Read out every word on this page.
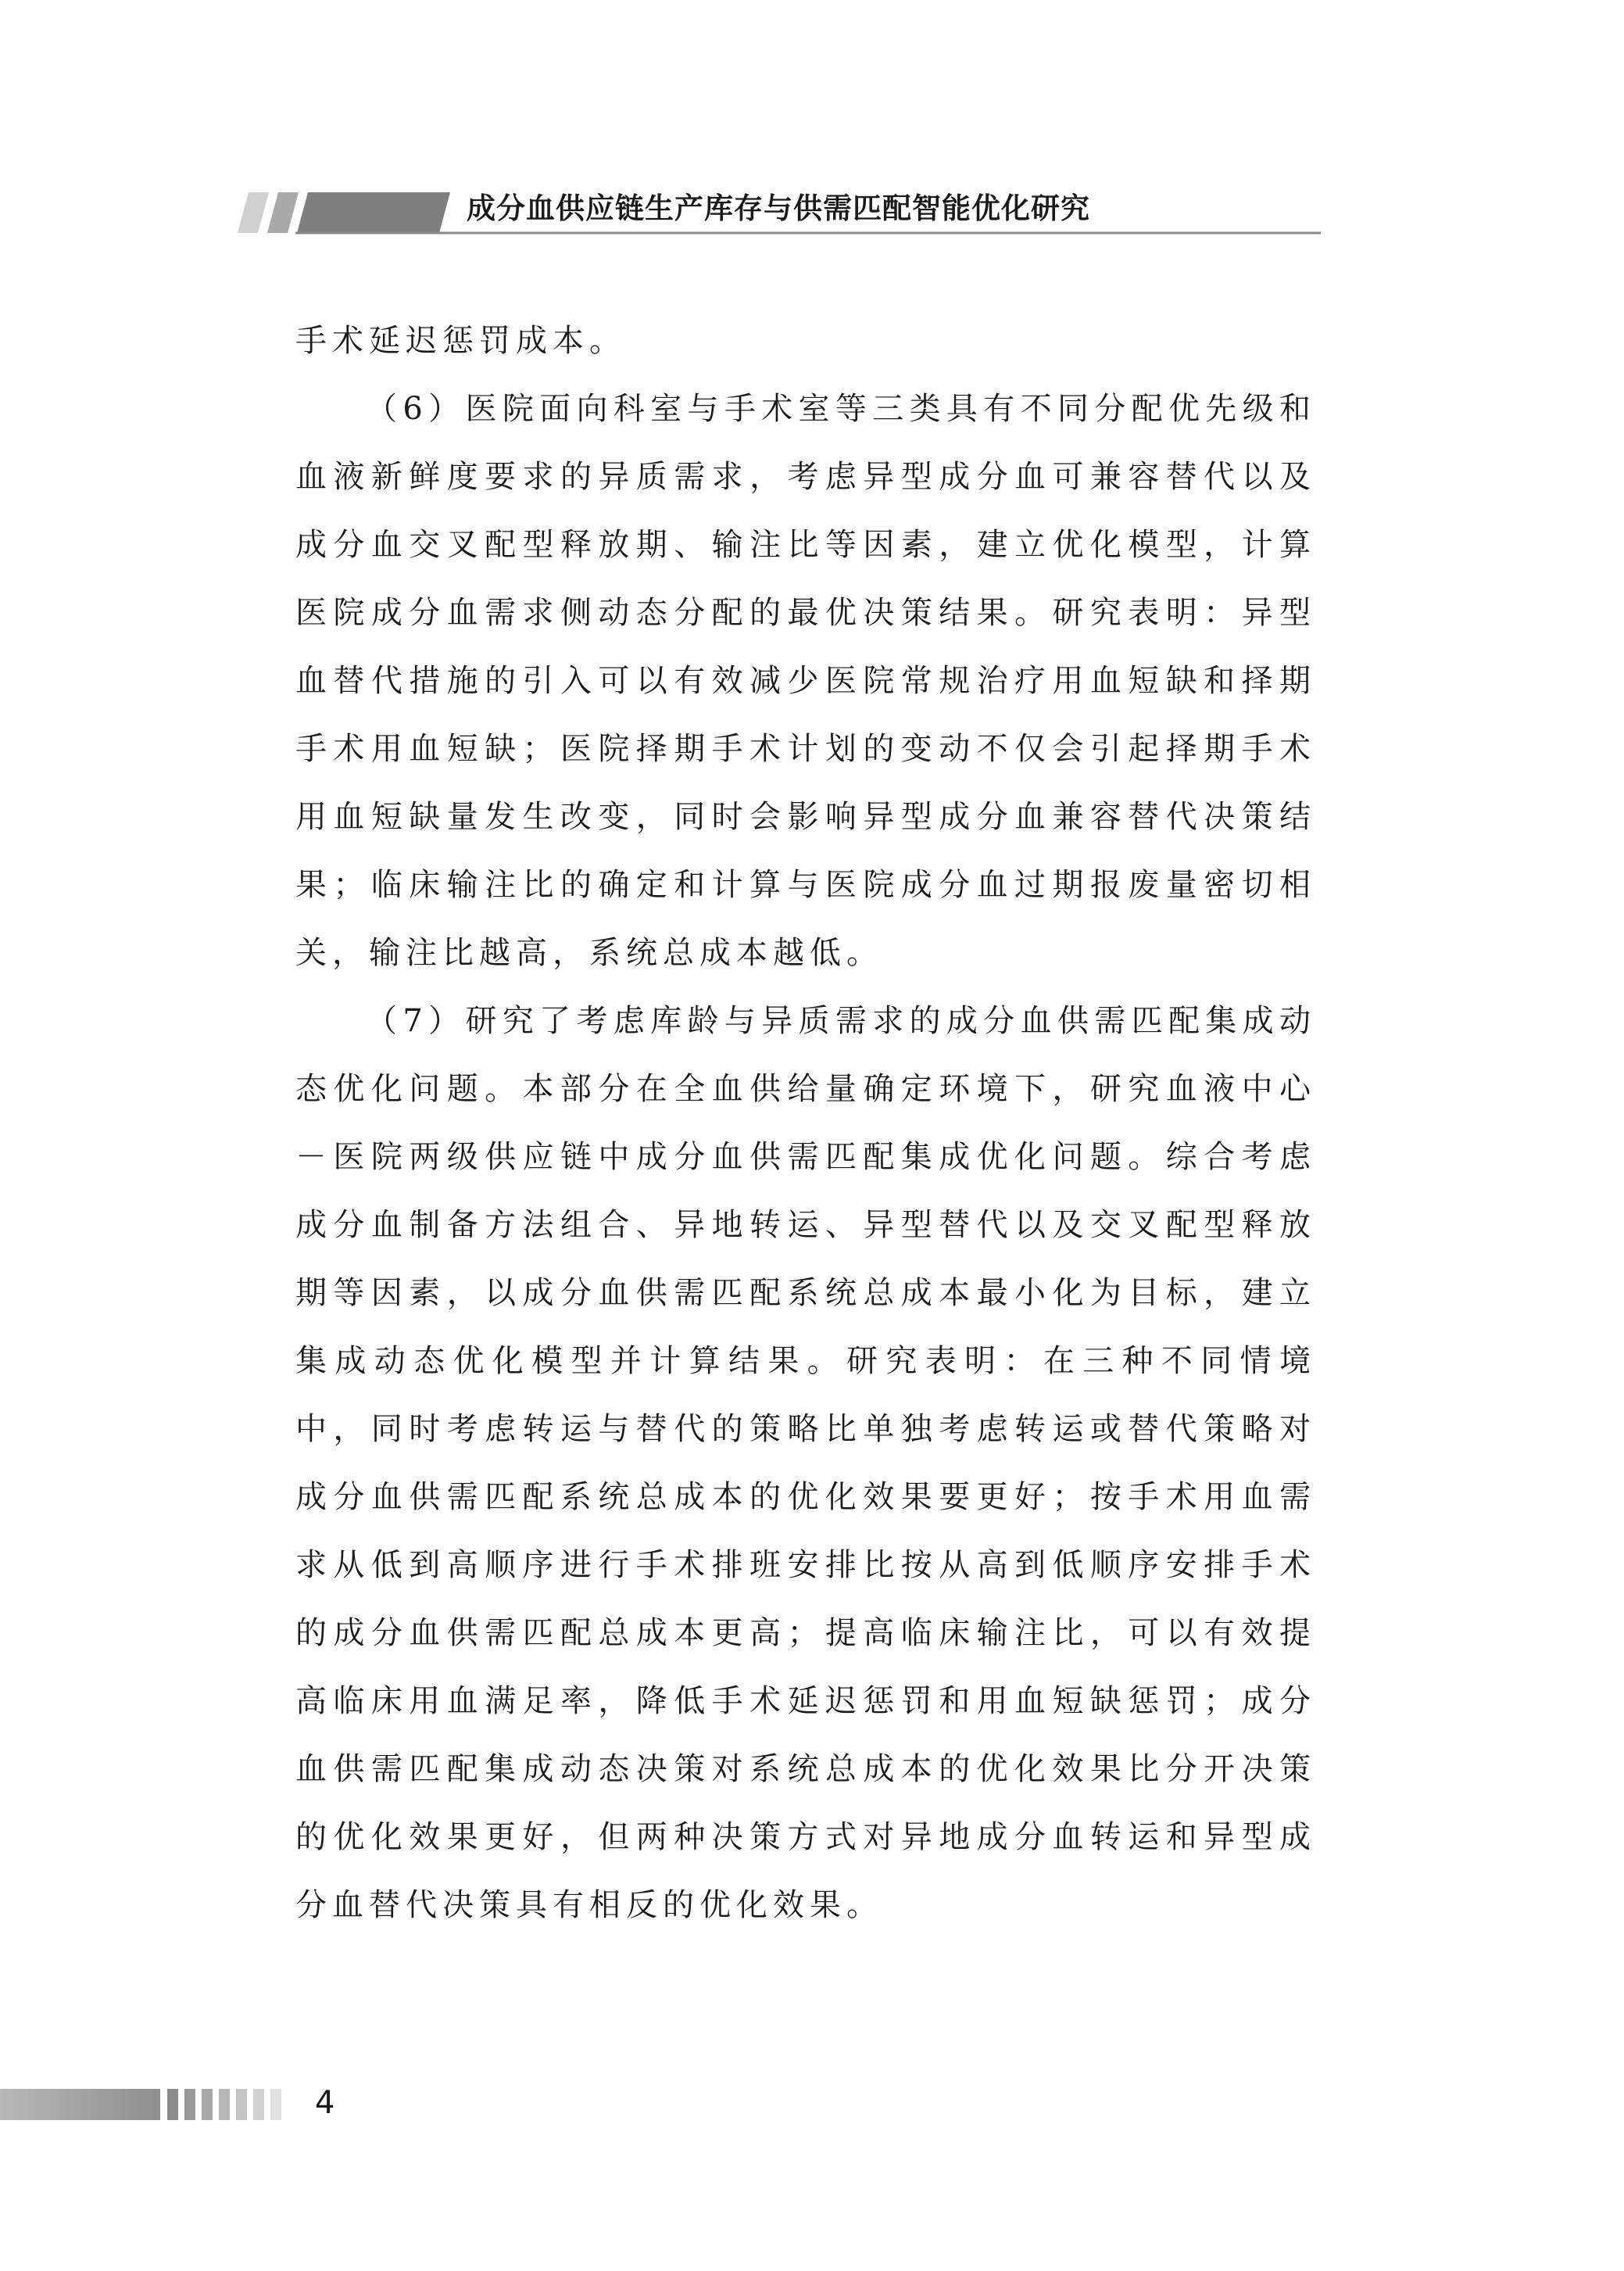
成分血供应链生产库存与供需匹配智能优化研究

手术延迟惩罚成本。

（6）医院面向科室与手术室等三类具有不同分配优先级和血液新鲜度要求的异质需求，考虑异型成分血可兼容替代以及成分血交叉配型释放期、输注比等因素，建立优化模型，计算医院成分血需求侧动态分配的最优决策结果。研究表明：异型血替代措施的引入可以有效减少医院常规治疗用血短缺和择期手术用血短缺；医院择期手术计划的变动不仅会引起择期手术用血短缺量发生改变，同时会影响异型成分血兼容替代决策结果；临床输注比的确定和计算与医院成分血过期报废量密切相关，输注比越高，系统总成本越低。

（7）研究了考虑库龄与异质需求的成分血供需匹配集成动态优化问题。本部分在全血供给量确定环境下，研究血液中心－医院两级供应链中成分血供需匹配集成优化问题。综合考虑成分血制备方法组合、异地转运、异型替代以及交叉配型释放期等因素，以成分血供需匹配系统总成本最小化为目标，建立集成动态优化模型并计算结果。研究表明：在三种不同情境中，同时考虑转运与替代的策略比单独考虑转运或替代策略对成分血供需匹配系统总成本的优化效果要更好；按手术用血需求从低到高顺序进行手术排班安排比按从高到低顺序安排手术的成分血供需匹配总成本更高；提高临床输注比，可以有效提高临床用血满足率，降低手术延迟惩罚和用血短缺惩罚；成分血供需匹配集成动态决策对系统总成本的优化效果比分开决策的优化效果更好，但两种决策方式对异地成分血转运和异型成分血替代决策具有相反的优化效果。

4
